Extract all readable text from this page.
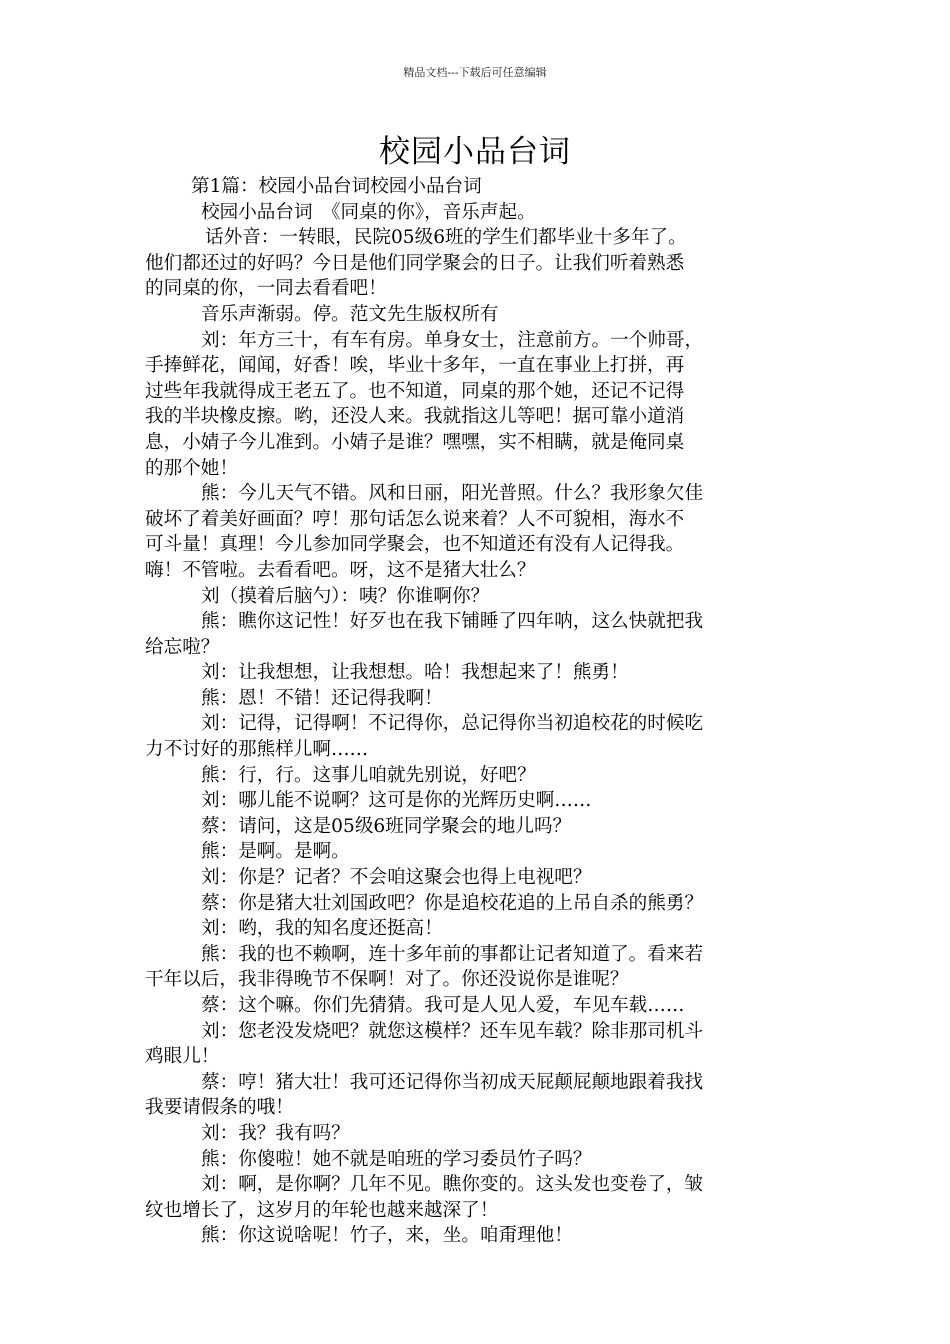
精品文档---下载后可任意编辑
校园小品台词
第1篇：校园小品台词校园小品台词
校园小品台词　《同桌的你》，音乐声起。
话外音：一转眼，民院05级6班的学生们都毕业十多年了。
他们都还过的好吗？今日是他们同学聚会的日子。让我们听着熟悉
的同桌的你，一同去看看吧！
音乐声渐弱。停。范文先生版权所有
刘：年方三十，有车有房。单身女士，注意前方。一个帅哥，
手捧鲜花，闻闻，好香！唉，毕业十多年，一直在事业上打拼，再
过些年我就得成王老五了。也不知道，同桌的那个她，还记不记得
我的半块橡皮擦。哟，还没人来。我就指这儿等吧！据可靠小道消
息，小婧子今儿准到。小婧子是谁？嘿嘿，实不相瞒，就是俺同桌
的那个她！
熊：今儿天气不错。风和日丽，阳光普照。什么？我形象欠佳
破坏了着美好画面？哼！那句话怎么说来着？人不可貌相，海水不
可斗量！真理！今儿参加同学聚会，也不知道还有没有人记得我。
嗨！不管啦。去看看吧。呀，这不是猪大壮么？
刘（摸着后脑勺）：咦？你谁啊你？
熊：瞧你这记性！好歹也在我下铺睡了四年呐，这么快就把我
给忘啦？
刘：让我想想，让我想想。哈！我想起来了！熊勇！
熊：恩！不错！还记得我啊！
刘：记得，记得啊！不记得你，总记得你当初追校花的时候吃
力不讨好的那熊样儿啊……
熊：行，行。这事儿咱就先别说，好吧？
刘：哪儿能不说啊？这可是你的光辉历史啊……
蔡：请问，这是05级6班同学聚会的地儿吗？
熊：是啊。是啊。
刘：你是？记者？不会咱这聚会也得上电视吧？
蔡：你是猪大壮刘国政吧？你是追校花追的上吊自杀的熊勇？
刘：哟，我的知名度还挺高！
熊：我的也不赖啊，连十多年前的事都让记者知道了。看来若
干年以后，我非得晚节不保啊！对了。你还没说你是谁呢？
蔡：这个嘛。你们先猜猜。我可是人见人爱，车见车载……
刘：您老没发烧吧？就您这模样？还车见车载？除非那司机斗
鸡眼儿！
蔡：哼！猪大壮！我可还记得你当初成天屁颠屁颠地跟着我找
我要请假条的哦！
刘：我？我有吗？
熊：你傻啦！她不就是咱班的学习委员竹子吗？
刘：啊，是你啊？几年不见。瞧你变的。这头发也变卷了，皱
纹也增长了，这岁月的年轮也越来越深了！
熊：你这说啥呢！竹子，来，坐。咱甭理他！
